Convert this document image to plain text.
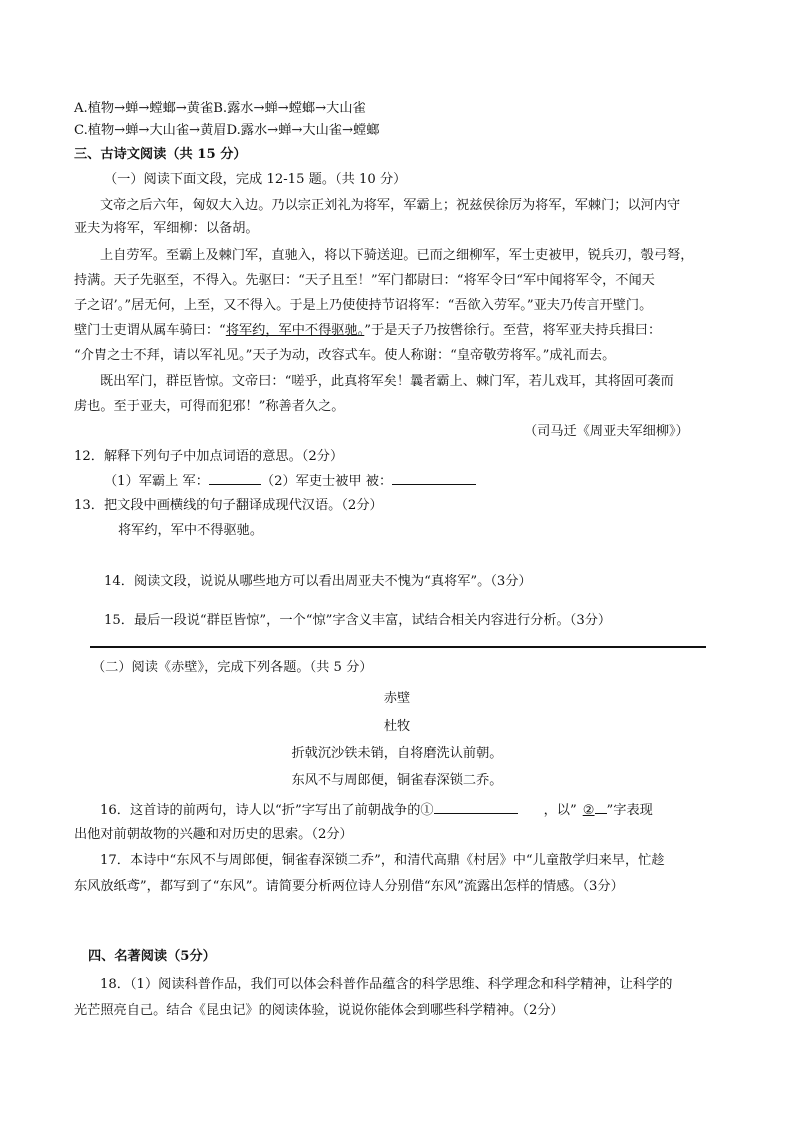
A.植物→蝉→螳螂→黄雀B.露水→蝉→螳螂→大山雀
C.植物→蝉→大山雀→黄眉D.露水→蝉→大山雀→螳螂
三、古诗文阅读（共 15 分）
（一）阅读下面文段，完成 12-15 题。（共 10 分）
文帝之后六年，匈奴大入边。乃以宗正刘礼为将军，军霸上；祝兹侯徐厉为将军，军棘门；以河内守
亚夫为将军，军细柳：以备胡。
上自劳军。至霸上及棘门军，直驰入，将以下骑送迎。已而之细柳军，军士吏被甲，锐兵刃，彀弓弩，
持满。天子先驱至，不得入。先驱曰：“天子且至！”军门都尉曰：“将军令曰“军中闻将军令，不闻天
子之诏’。”居无何，上至，又不得入。于是上乃使使持节诏将军：“吾欲入劳军。”亚夫乃传言开壁门。
壁门士吏谓从属车骑曰：“将军约，军中不得驱驰。”于是天子乃按辔徐行。至营，将军亚夫持兵揖曰：
“介胄之士不拜，请以军礼见。”天子为动，改容式车。使人称谢：“皇帝敬劳将军。”成礼而去。
既出军门，群臣皆惊。文帝曰：“嗟乎，此真将军矣！曩者霸上、棘门军，若儿戏耳，其将固可袭而
虏也。至于亚夫，可得而犯邪！”称善者久之。
（司马迁《周亚夫军细柳》）
12．解释下列句子中加点词语的意思。（2分）
（1）军霸上 军：	（2）军吏士被甲 被：
13．把文段中画横线的句子翻译成现代汉语。（2分）
将军约，军中不得驱驰。
14．阅读文段，说说从哪些地方可以看出周亚夫不愧为“真将军”。（3分）
15．最后一段说“群臣皆惊”，一个“惊”字含义丰富，试结合相关内容进行分析。（3分）
（二）阅读《赤壁》，完成下列各题。（共 5 分）
赤壁
杜牧
折戟沉沙铁未销，自将磨洗认前朝。
东风不与周郎便，铜雀春深锁二乔。
16．这首诗的前两句，诗人以“折”字写出了前朝战争的①	，以” ② ”字表现
出他对前朝故物的兴趣和对历史的思索。（2分）
17．本诗中“东风不与周郎便，铜雀春深锁二乔”，和清代高鼎《村居》中“儿童散学归来早，忙趁
东风放纸鸢”，都写到了“东风”。请简要分析两位诗人分别借“东风”流露出怎样的情感。（3分）
四、名著阅读（5分）
18．（1）阅读科普作品，我们可以体会科普作品蕴含的科学思维、科学理念和科学精神，让科学的
光芒照亮自己。结合《昆虫记》的阅读体验，说说你能体会到哪些科学精神。（2分）
